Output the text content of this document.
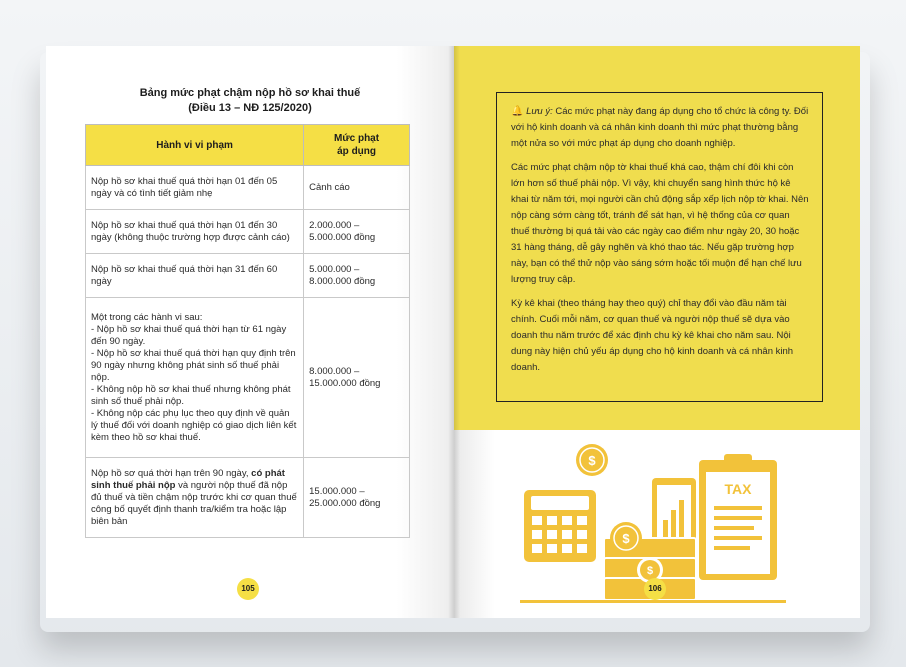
Bảng mức phạt chậm nộp hồ sơ khai thuế
(Điều 13 – NĐ 125/2020)
Hành vi vi phạm	Mức phạt
áp dụng
Nộp hồ sơ khai thuế quá thời hạn 01 đến 05 ngày và có tình tiết giảm nhẹ	Cảnh cáo
Nộp hồ sơ khai thuế quá thời hạn 01 đến 30 ngày (không thuộc trường hợp được cảnh cáo)	2.000.000 – 5.000.000 đồng
Nộp hồ sơ khai thuế quá thời hạn 31 đến 60 ngày	5.000.000 – 8.000.000 đồng

Một trong các hành vi sau:
- Nộp hồ sơ khai thuế quá thời hạn từ 61 ngày đến 90 ngày.
- Nộp hồ sơ khai thuế quá thời hạn quy định trên 90 ngày nhưng không phát sinh số thuế phải nộp.
- Không nộp hồ sơ khai thuế nhưng không phát sinh số thuế phải nộp.
- Không nộp các phụ lục theo quy định về quản lý thuế đối với doanh nghiệp có giao dịch liên kết kèm theo hồ sơ khai thuế.	8.000.000 – 15.000.000 đồng
Nộp hồ sơ quá thời hạn trên 90 ngày, có phát sinh thuế phải nộp và người nộp thuế đã nộp đủ thuế và tiền chậm nộp trước khi cơ quan thuế công bố quyết định thanh tra/kiểm tra hoặc lập biên bản	15.000.000 – 25.000.000 đồng
105

🔔 Lưu ý: Các mức phạt này đang áp dụng cho tổ chức là công ty. Đối với hộ kinh doanh và cá nhân kinh doanh thì mức phạt thường bằng một nửa so với mức phạt áp dụng cho doanh nghiệp.

Các mức phạt chậm nộp tờ khai thuế khá cao, thậm chí đôi khi còn lớn hơn số thuế phải nộp. Vì vậy, khi chuyển sang hình thức hộ kê khai từ năm tới, mọi người cần chủ động sắp xếp lịch nộp tờ khai. Nên nộp càng sớm càng tốt, tránh để sát hạn, vì hệ thống của cơ quan thuế thường bị quá tải vào các ngày cao điểm như ngày 20, 30 hoặc 31 hàng tháng, dễ gây nghẽn và khó thao tác. Nếu gặp trường hợp này, bạn có thể thử nộp vào sáng sớm hoặc tối muộn để hạn chế lưu lượng truy cập.

Kỳ kê khai (theo tháng hay theo quý) chỉ thay đổi vào đầu năm tài chính. Cuối mỗi năm, cơ quan thuế và người nộp thuế sẽ dựa vào doanh thu năm trước để xác định chu kỳ kê khai cho năm sau. Nội dung này hiện chủ yếu áp dụng cho hộ kinh doanh và cá nhân kinh doanh.

TAX
$
$
$
106
